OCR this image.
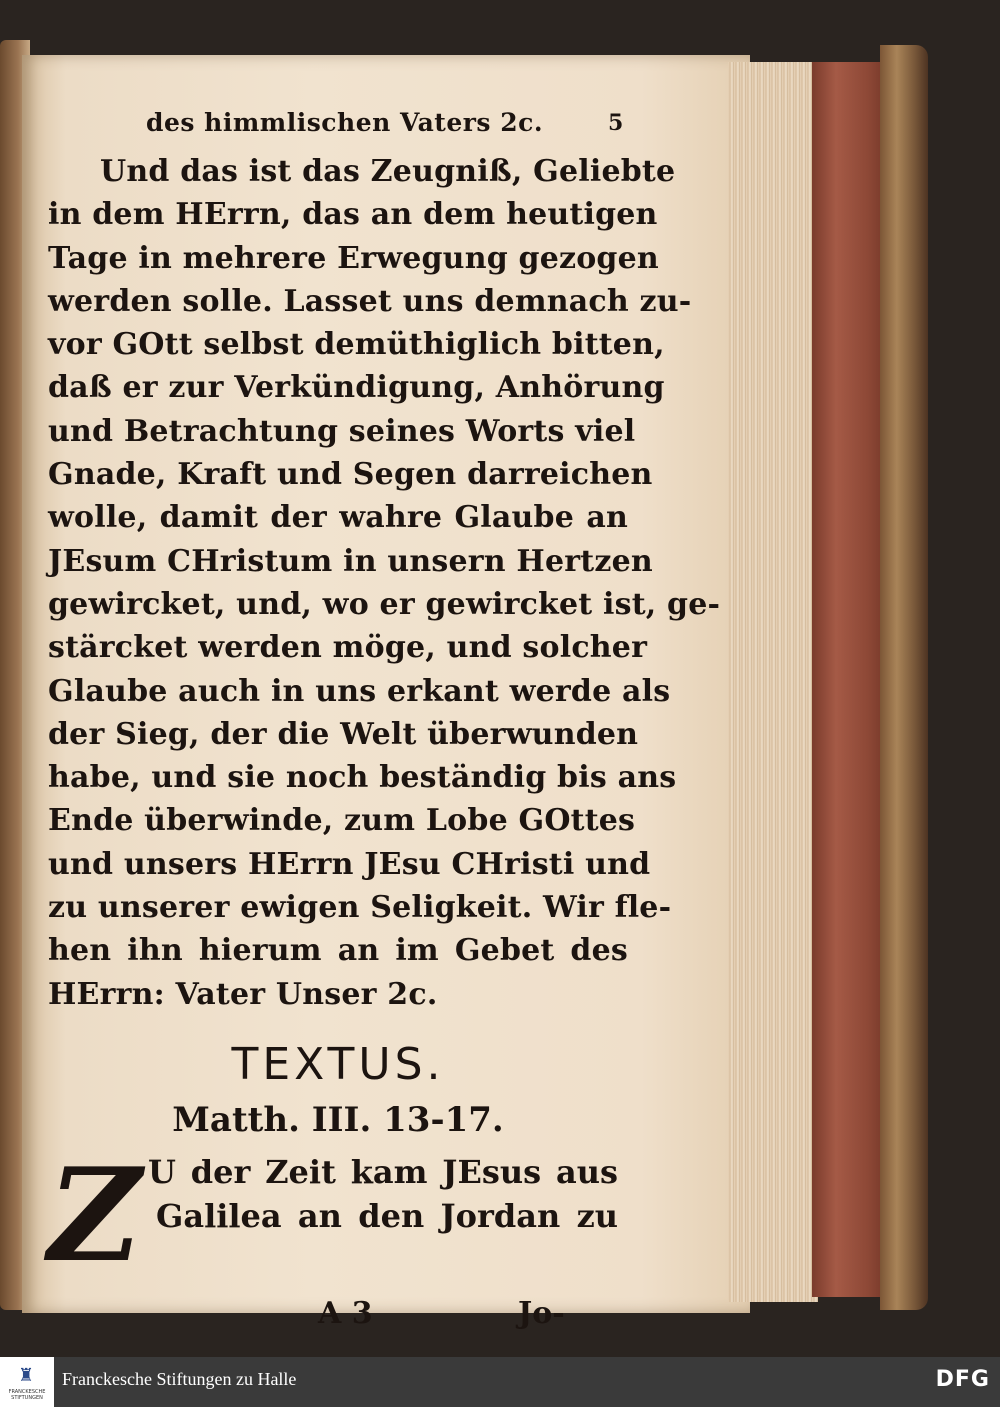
des himmlischen Vaters 2c.	5
Und das ist das Zeugniß, Geliebte
in dem HErrn, das an dem heutigen
Tage in mehrere Erwegung gezogen
werden solle. Lasset uns demnach zu-
vor GOtt selbst demüthiglich bitten,
daß er zur Verkündigung, Anhörung
und Betrachtung seines Worts viel
Gnade, Kraft und Segen darreichen
wolle, damit der wahre Glaube an
JEsum CHristum in unsern Hertzen
gewircket, und, wo er gewircket ist, ge-
stärcket werden möge, und solcher
Glaube auch in uns erkant werde als
der Sieg, der die Welt überwunden
habe, und sie noch beständig bis ans
Ende überwinde, zum Lobe GOttes
und unsers HErrn JEsu CHristi und
zu unserer ewigen Seligkeit. Wir fle-
hen ihn hierum an im Gebet des
HErrn: Vater Unser 2c.
TEXTUS.
Matth. III. 13-17.
Z U der Zeit kam JEsus aus
Galilea an den Jordan zu
A 3	Jo-
♜
FRANCKESCHE STIFTUNGEN
Franckesche Stiftungen zu Halle	DFG
